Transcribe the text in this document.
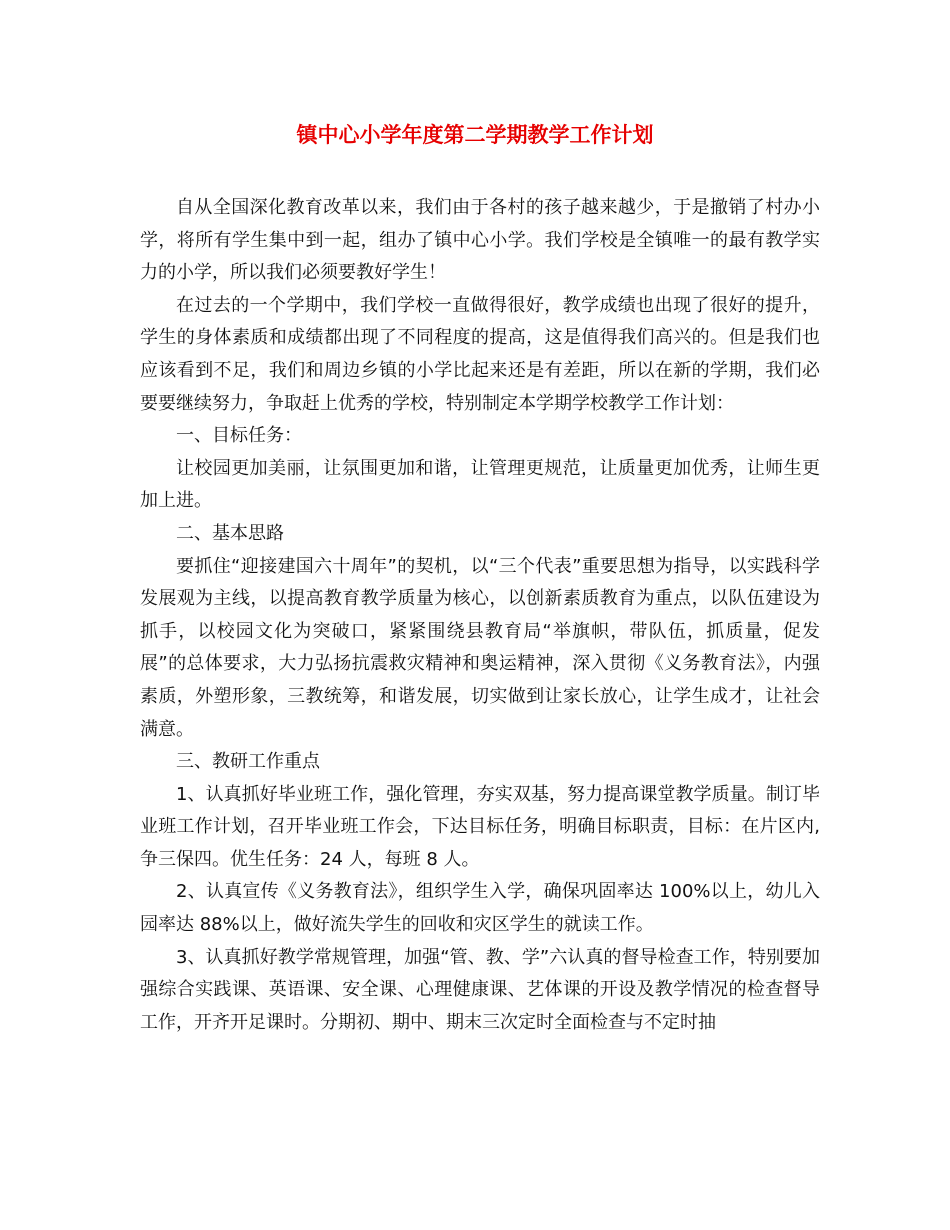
镇中心小学年度第二学期教学工作计划

自从全国深化教育改革以来，我们由于各村的孩子越来越少，于是撤销了村办小学，将所有学生集中到一起，组办了镇中心小学。我们学校是全镇唯一的最有教学实力的小学，所以我们必须要教好学生！

在过去的一个学期中，我们学校一直做得很好，教学成绩也出现了很好的提升，学生的身体素质和成绩都出现了不同程度的提高，这是值得我们高兴的。但是我们也应该看到不足，我们和周边乡镇的小学比起来还是有差距，所以在新的学期，我们必要要继续努力，争取赶上优秀的学校，特别制定本学期学校教学工作计划：

一、目标任务：

让校园更加美丽，让氛围更加和谐，让管理更规范，让质量更加优秀，让师生更加上进。

二、基本思路

要抓住“迎接建国六十周年”的契机，以“三个代表”重要思想为指导，以实践科学发展观为主线，以提高教育教学质量为核心，以创新素质教育为重点，以队伍建设为抓手，以校园文化为突破口，紧紧围绕县教育局“举旗帜，带队伍，抓质量，促发展”的总体要求，大力弘扬抗震救灾精神和奥运精神，深入贯彻《义务教育法》，内强素质，外塑形象，三教统筹，和谐发展，切实做到让家长放心，让学生成才，让社会满意。

三、教研工作重点

1、认真抓好毕业班工作，强化管理，夯实双基，努力提高课堂教学质量。制订毕业班工作计划，召开毕业班工作会，下达目标任务，明确目标职责，目标：在片区内,争三保四。优生任务：24 人，每班 8 人。

2、认真宣传《义务教育法》，组织学生入学，确保巩固率达 100%以上，幼儿入园率达 88%以上，做好流失学生的回收和灾区学生的就读工作。

3、认真抓好教学常规管理，加强“管、教、学”六认真的督导检查工作，特别要加强综合实践课、英语课、安全课、心理健康课、艺体课的开设及教学情况的检查督导工作，开齐开足课时。分期初、期中、期末三次定时全面检查与不定时抽
